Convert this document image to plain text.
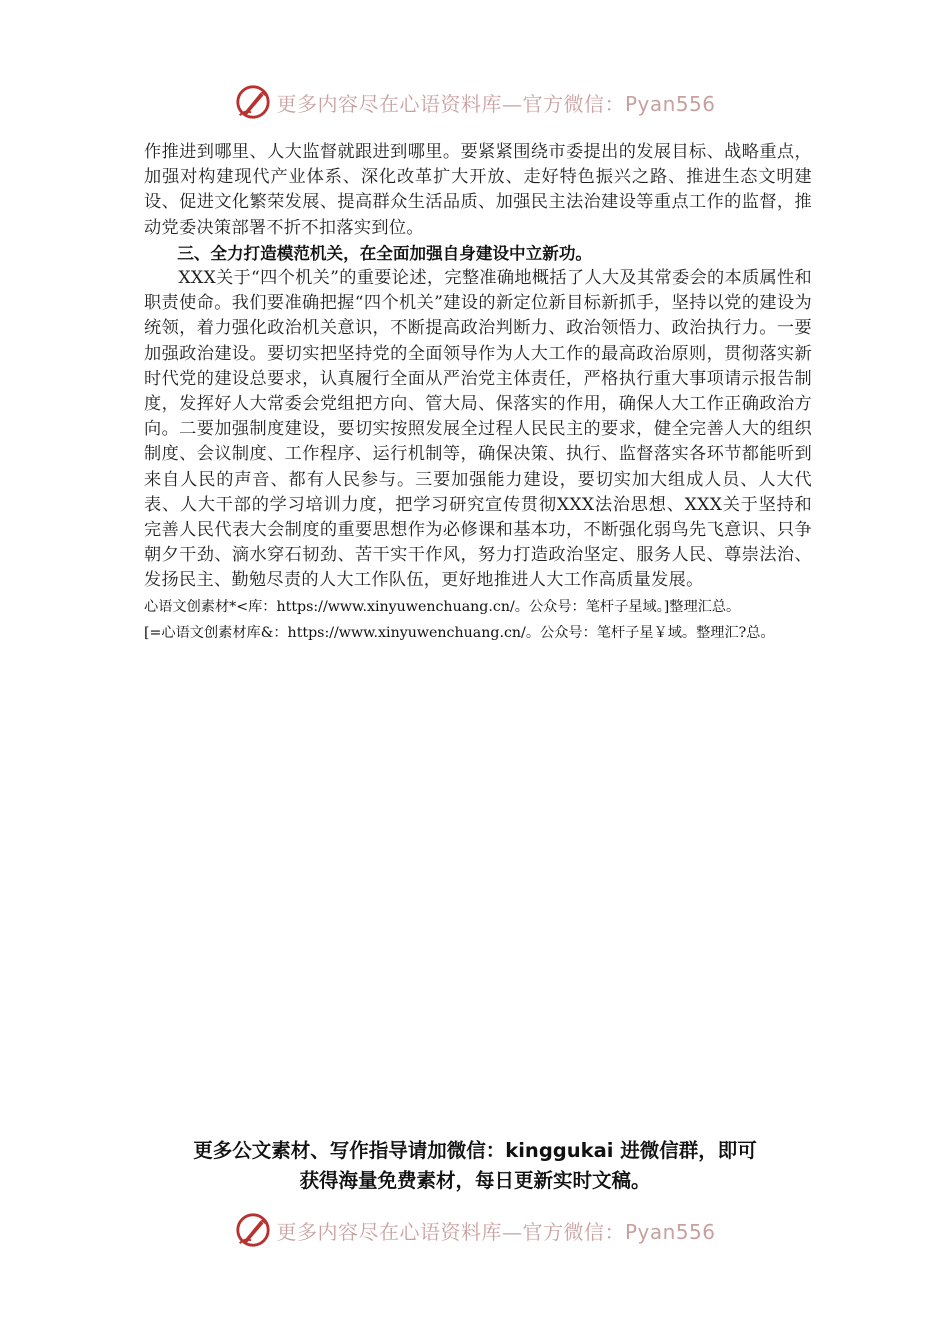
更多内容尽在心语资料库—官方微信：Pyan556

作推进到哪里、人大监督就跟进到哪里。要紧紧围绕市委提出的发展目标、战略重点，加强对构建现代产业体系、深化改革扩大开放、走好特色振兴之路、推进生态文明建设、促进文化繁荣发展、提高群众生活品质、加强民主法治建设等重点工作的监督，推动党委决策部署不折不扣落实到位。

三、全力打造模范机关，在全面加强自身建设中立新功。

XXX关于“四个机关”的重要论述，完整准确地概括了人大及其常委会的本质属性和职责使命。我们要准确把握“四个机关”建设的新定位新目标新抓手，坚持以党的建设为统领，着力强化政治机关意识，不断提高政治判断力、政治领悟力、政治执行力。一要加强政治建设。要切实把坚持党的全面领导作为人大工作的最高政治原则，贯彻落实新时代党的建设总要求，认真履行全面从严治党主体责任，严格执行重大事项请示报告制度，发挥好人大常委会党组把方向、管大局、保落实的作用，确保人大工作正确政治方向。二要加强制度建设，要切实按照发展全过程人民民主的要求，健全完善人大的组织制度、会议制度、工作程序、运行机制等，确保决策、执行、监督落实各环节都能听到来自人民的声音、都有人民参与。三要加强能力建设，要切实加大组成人员、人大代表、人大干部的学习培训力度，把学习研究宣传贯彻XXX法治思想、XXX关于坚持和完善人民代表大会制度的重要思想作为必修课和基本功，不断强化弱鸟先飞意识、只争朝夕干劲、滴水穿石韧劲、苦干实干作风，努力打造政治坚定、服务人民、尊崇法治、发扬民主、勤勉尽责的人大工作队伍，更好地推进人大工作高质量发展。

心语文创素材*<库：https://www.xinyuwenchuang.cn/。公众号：笔杆子星域。]整理汇总。

[=心语文创素材库&：https://www.xinyuwenchuang.cn/。公众号：笔杆子星￥域。整理汇?总。

更多公文素材、写作指导请加微信：kinggukai 进微信群，即可
获得海量免费素材，每日更新实时文稿。
更多内容尽在心语资料库—官方微信：Pyan556
